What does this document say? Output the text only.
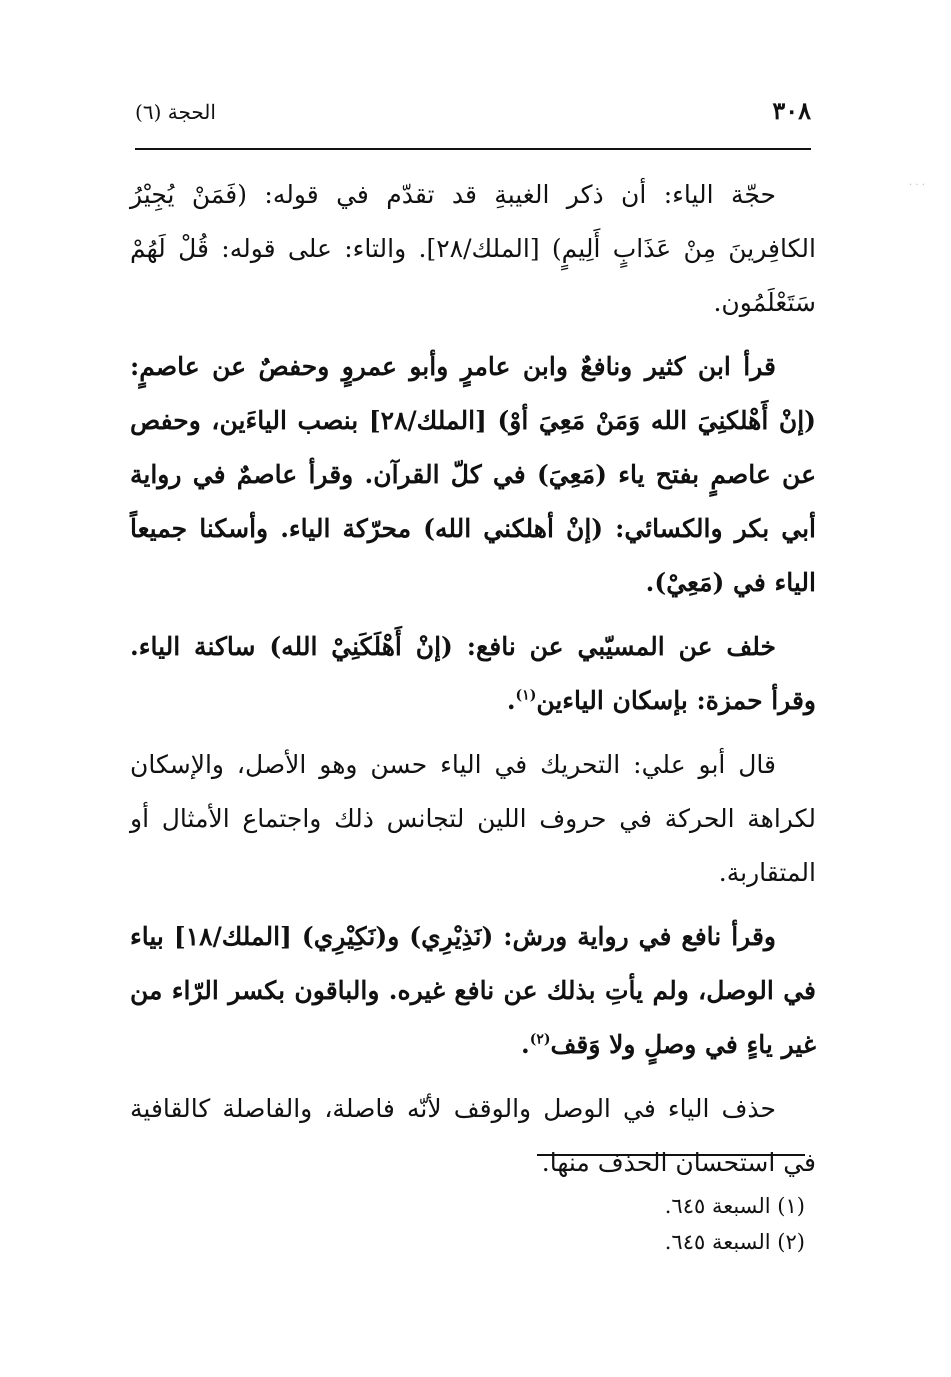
٣٠٨
الحجة (٦)
· · ·

حجّة الياء: أن ذكر الغيبةِ قد تقدّم في قوله: (فَمَنْ يُجِيْرُ الكافِرينَ مِنْ عَذَابٍ أَلِيمٍ) [الملك/٢٨]. والتاء: على قوله: قُلْ لَهُمْ سَتَعْلَمُون.

قرأ ابن كثير ونافعٌ وابن عامرٍ وأبو عمروٍ وحفصٌ عن عاصمٍ: (إنْ أَهْلكنِيَ الله وَمَنْ مَعِيَ أوْ) [الملك/٢٨] بنصب الياءَين، وحفص عن عاصمٍ بفتح ياء (مَعِيَ) في كلّ القرآن. وقرأ عاصمٌ في رواية أبي بكر والكسائي: (إنْ أهلكني الله) محرّكة الياء. وأسكنا جميعاً الياء في (مَعِيْ).

خلف عن المسيّبي عن نافع: (إنْ أَهْلَكَنِيْ الله) ساكنة الياء. وقرأ حمزة: بإسكان الياءين$^{(١)}$.

قال أبو علي: التحريك في الياء حسن وهو الأصل، والإسكان لكراهة الحركة في حروف اللين لتجانس ذلك واجتماع الأمثال أو المتقاربة.

وقرأ نافع في رواية ورش: (نَذِيْرِي) و(نَكِيْرِي) [الملك/١٨] بياء في الوصل، ولم يأتِ بذلك عن نافع غيره. والباقون بكسر الرّاء من غير ياءٍ في وصلٍ ولا وَقف$^{(٢)}$.

حذف الياء في الوصل والوقف لأنّه فاصلة، والفاصلة كالقافية في استحسان الحذف منها.

(١) السبعة ٦٤٥.

(٢) السبعة ٦٤٥.
